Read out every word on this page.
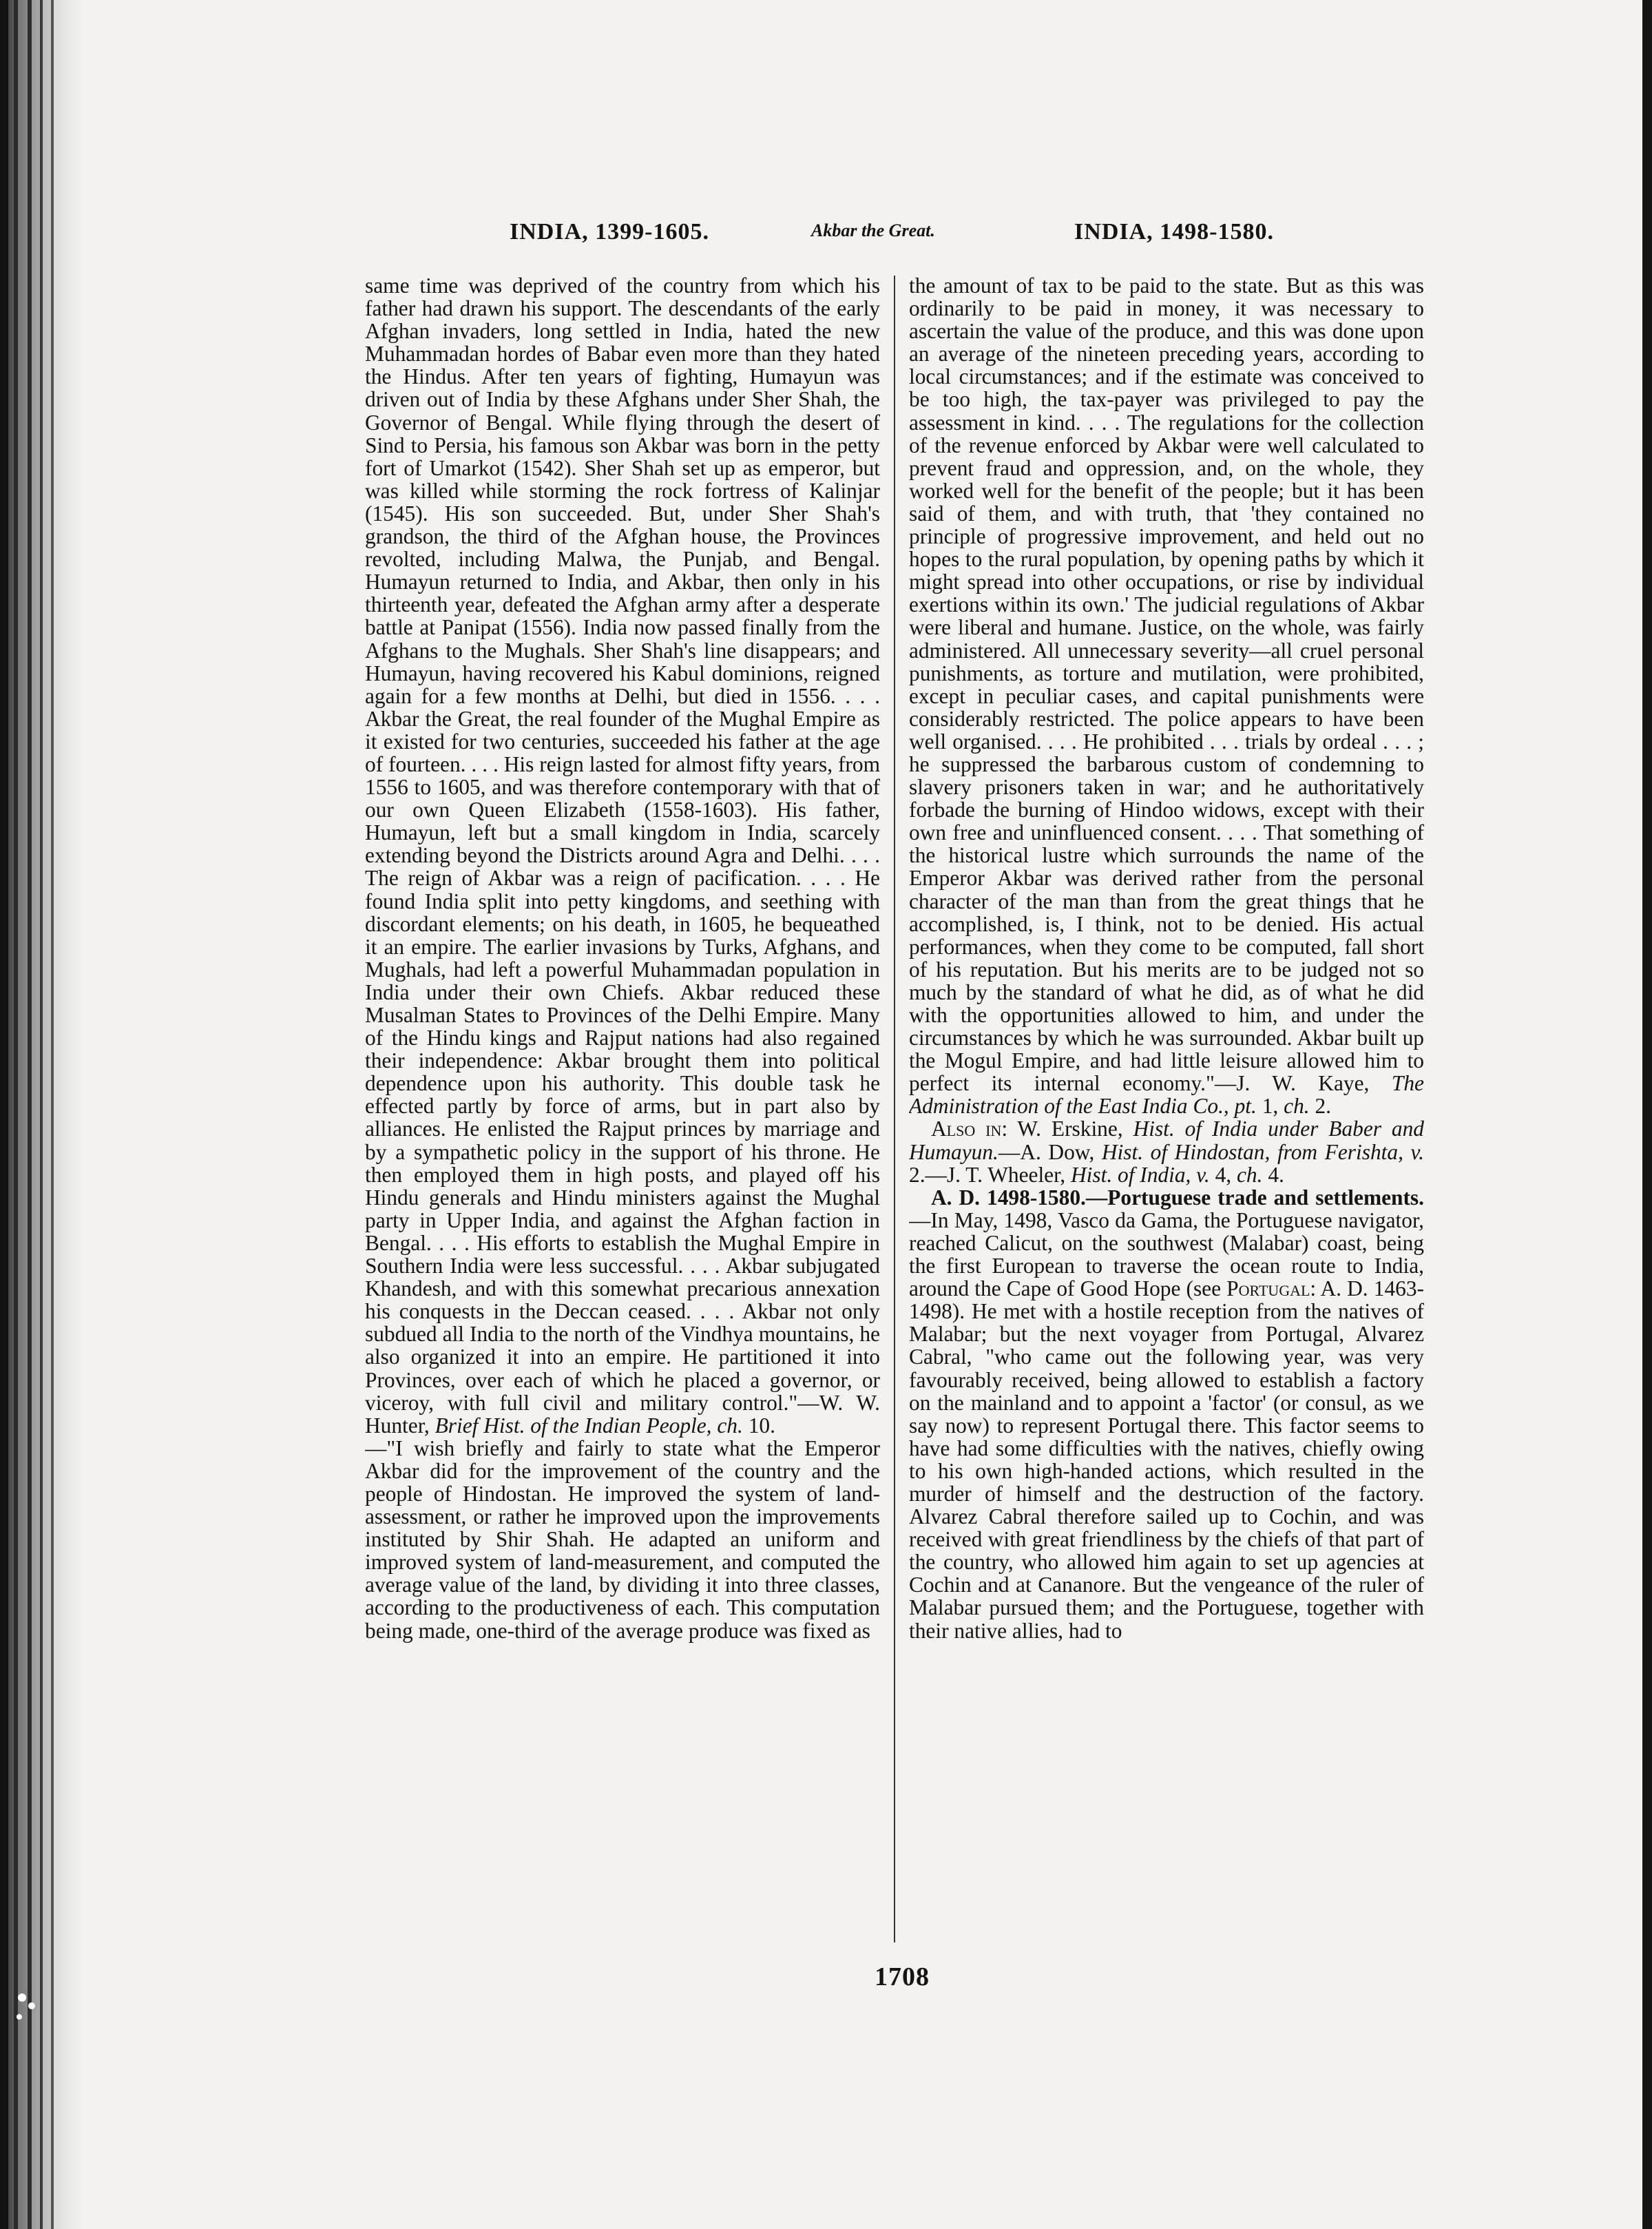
INDIA, 1399-1605.	Akbar the Great.	INDIA, 1498-1580.

same time was deprived of the country from which his father had drawn his support. The descendants of the early Afghan invaders, long settled in India, hated the new Muhammadan hordes of Babar even more than they hated the Hindus. After ten years of fighting, Humayun was driven out of India by these Afghans under Sher Shah, the Governor of Bengal. While flying through the desert of Sind to Persia, his famous son Akbar was born in the petty fort of Umarkot (1542). Sher Shah set up as emperor, but was killed while storming the rock fortress of Kalinjar (1545). His son succeeded. But, under Sher Shah's grandson, the third of the Afghan house, the Provinces revolted, including Malwa, the Punjab, and Bengal. Humayun returned to India, and Akbar, then only in his thirteenth year, defeated the Afghan army after a desperate battle at Panipat (1556). India now passed finally from the Afghans to the Mughals. Sher Shah's line disappears; and Humayun, having recovered his Kabul dominions, reigned again for a few months at Delhi, but died in 1556. . . . Akbar the Great, the real founder of the Mughal Empire as it existed for two centuries, succeeded his father at the age of fourteen. . . . His reign lasted for almost fifty years, from 1556 to 1605, and was therefore contemporary with that of our own Queen Elizabeth (1558-1603). His father, Humayun, left but a small kingdom in India, scarcely extending beyond the Districts around Agra and Delhi. . . . The reign of Akbar was a reign of pacification. . . . He found India split into petty kingdoms, and seething with discordant elements; on his death, in 1605, he bequeathed it an empire. The earlier invasions by Turks, Afghans, and Mughals, had left a powerful Muhammadan population in India under their own Chiefs. Akbar reduced these Musalman States to Provinces of the Delhi Empire. Many of the Hindu kings and Rajput nations had also regained their independence: Akbar brought them into political dependence upon his authority. This double task he effected partly by force of arms, but in part also by alliances. He enlisted the Rajput princes by marriage and by a sympathetic policy in the support of his throne. He then employed them in high posts, and played off his Hindu generals and Hindu ministers against the Mughal party in Upper India, and against the Afghan faction in Bengal. . . . His efforts to establish the Mughal Empire in Southern India were less successful. . . . Akbar subjugated Khandesh, and with this somewhat precarious annexation his conquests in the Deccan ceased. . . . Akbar not only subdued all India to the north of the Vindhya mountains, he also organized it into an empire. He partitioned it into Provinces, over each of which he placed a governor, or viceroy, with full civil and military control."—W. W. Hunter, Brief Hist. of the Indian People, ch. 10.

—"I wish briefly and fairly to state what the Emperor Akbar did for the improvement of the country and the people of Hindostan. He improved the system of land-assessment, or rather he improved upon the improvements instituted by Shir Shah. He adapted an uniform and improved system of land-measurement, and computed the average value of the land, by dividing it into three classes, according to the productiveness of each. This computation being made, one-third of the average produce was fixed as

the amount of tax to be paid to the state. But as this was ordinarily to be paid in money, it was necessary to ascertain the value of the produce, and this was done upon an average of the nineteen preceding years, according to local circumstances; and if the estimate was conceived to be too high, the tax-payer was privileged to pay the assessment in kind. . . . The regulations for the collection of the revenue enforced by Akbar were well calculated to prevent fraud and oppression, and, on the whole, they worked well for the benefit of the people; but it has been said of them, and with truth, that 'they contained no principle of progressive improvement, and held out no hopes to the rural population, by opening paths by which it might spread into other occupations, or rise by individual exertions within its own.' The judicial regulations of Akbar were liberal and humane. Justice, on the whole, was fairly administered. All unnecessary severity—all cruel personal punishments, as torture and mutilation, were prohibited, except in peculiar cases, and capital punishments were considerably restricted. The police appears to have been well organised. . . . He prohibited . . . trials by ordeal . . . ; he suppressed the barbarous custom of condemning to slavery prisoners taken in war; and he authoritatively forbade the burning of Hindoo widows, except with their own free and uninfluenced consent. . . . That something of the historical lustre which surrounds the name of the Emperor Akbar was derived rather from the personal character of the man than from the great things that he accomplished, is, I think, not to be denied. His actual performances, when they come to be computed, fall short of his reputation. But his merits are to be judged not so much by the standard of what he did, as of what he did with the opportunities allowed to him, and under the circumstances by which he was surrounded. Akbar built up the Mogul Empire, and had little leisure allowed him to perfect its internal economy."—J. W. Kaye, The Administration of the East India Co., pt. 1, ch. 2.

Also in: W. Erskine, Hist. of India under Baber and Humayun.—A. Dow, Hist. of Hindostan, from Ferishta, v. 2.—J. T. Wheeler, Hist. of India, v. 4, ch. 4.

A. D. 1498-1580.—Portuguese trade and settlements.—In May, 1498, Vasco da Gama, the Portuguese navigator, reached Calicut, on the southwest (Malabar) coast, being the first European to traverse the ocean route to India, around the Cape of Good Hope (see Portugal: A. D. 1463-1498). He met with a hostile reception from the natives of Malabar; but the next voyager from Portugal, Alvarez Cabral, "who came out the following year, was very favourably received, being allowed to establish a factory on the mainland and to appoint a 'factor' (or consul, as we say now) to represent Portugal there. This factor seems to have had some difficulties with the natives, chiefly owing to his own high-handed actions, which resulted in the murder of himself and the destruction of the factory. Alvarez Cabral therefore sailed up to Cochin, and was received with great friendliness by the chiefs of that part of the country, who allowed him again to set up agencies at Cochin and at Cananore. But the vengeance of the ruler of Malabar pursued them; and the Portuguese, together with their native allies, had to

1708
